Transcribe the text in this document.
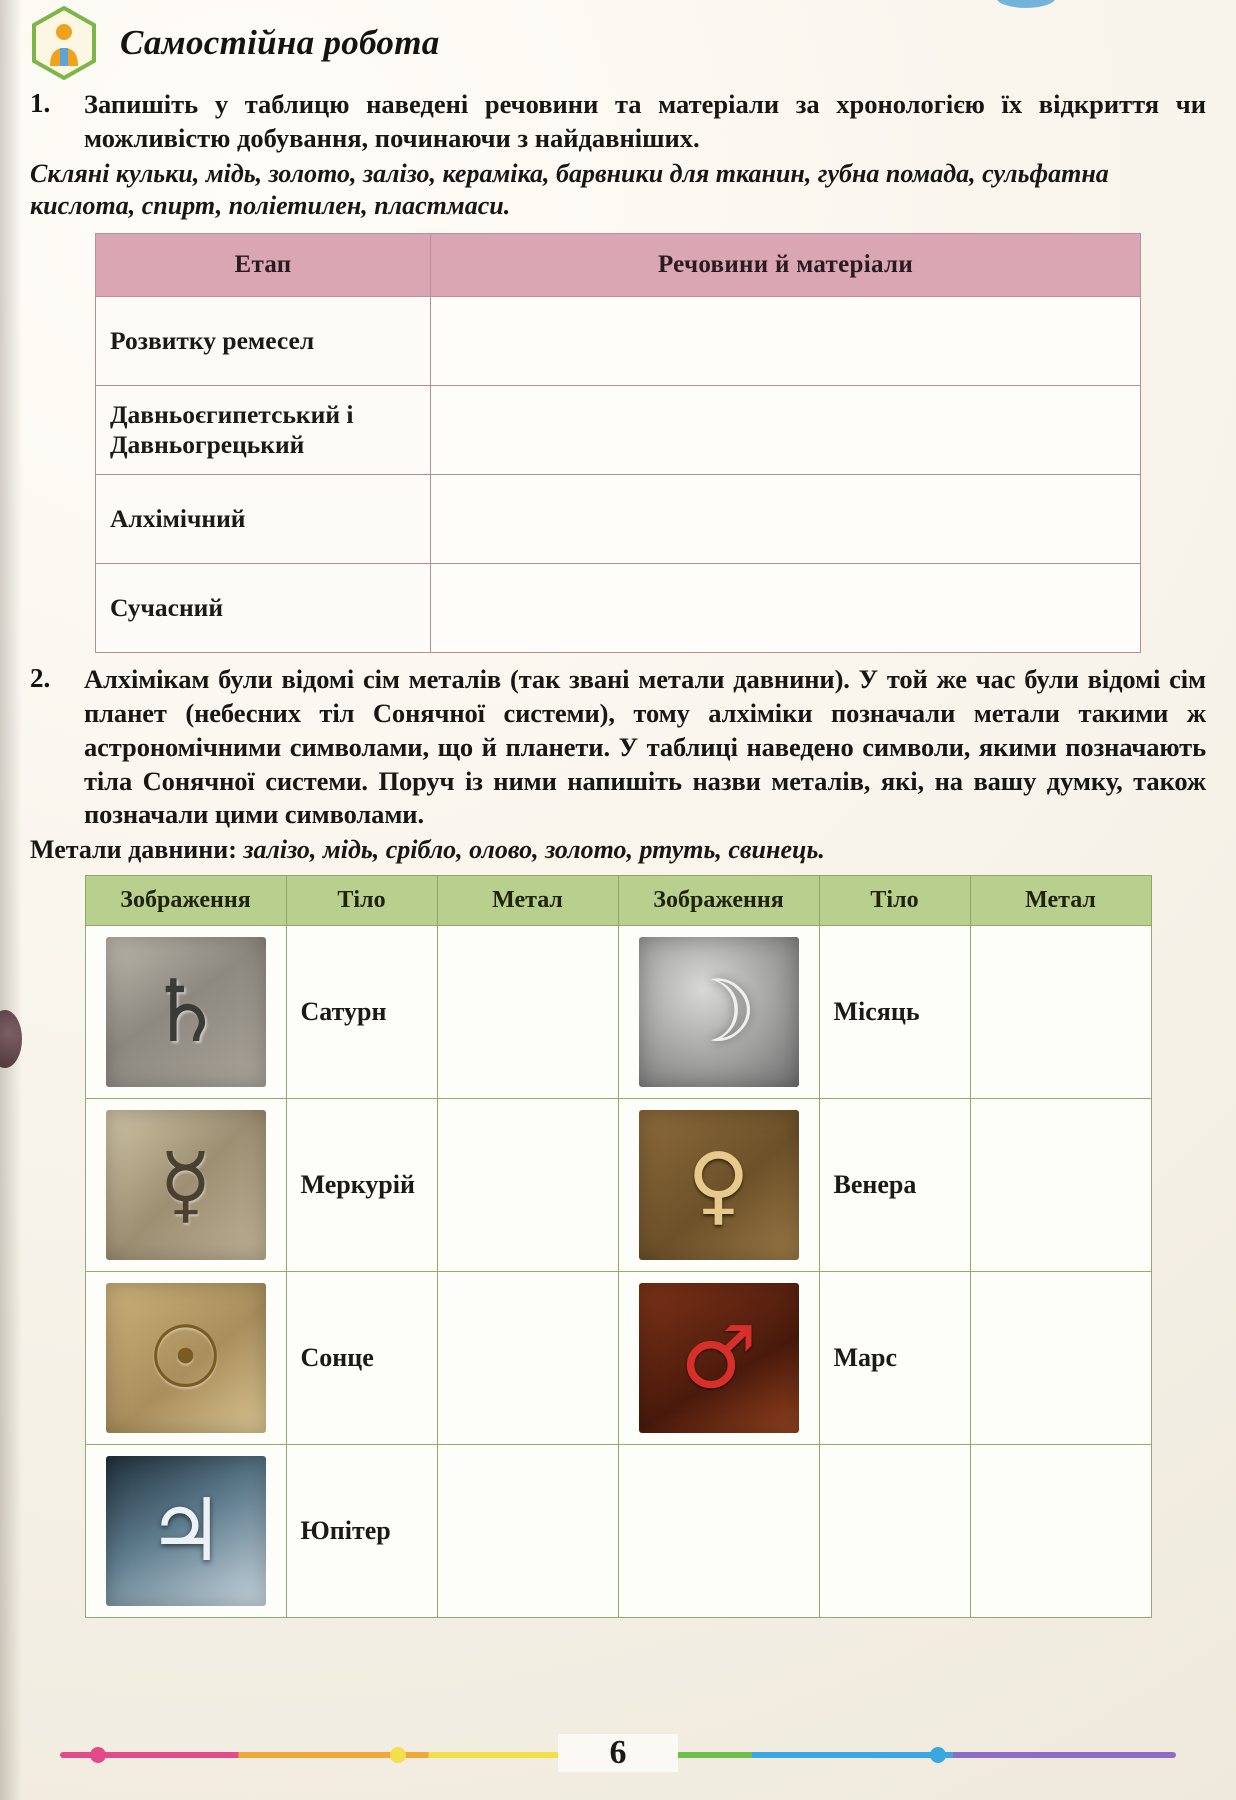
Самостійна робота
1.	Запишіть у таблицю наведені речовини та матеріали за хронологією їх відкриття чи можливістю добування, починаючи з найдавніших.
Скляні кульки, мідь, золото, залізо, кераміка, барвники для тканин, губна помада, сульфатна кислота, спирт, поліетилен, пластмаси.
Етап	Речовини й матеріали
Розвитку ремесел	
Давньоєгипетський і Давньогрецький	
Алхімічний	
Сучасний	
2.	Алхімікам були відомі сім металів (так звані метали давнини). У той же час були відомі сім планет (небесних тіл Сонячної системи), тому алхіміки позначали метали такими ж астрономічними символами, що й планети. У таблиці наведено символи, якими позначають тіла Сонячної системи. Поруч із ними напишіть назви металів, які, на вашу думку, також позначали цими символами.
Метали давнини: залізо, мідь, срібло, олово, золото, ртуть, свинець.
Зображення	Тіло	Метал	Зображення	Тіло	Метал

♄	Сатурн		☽	Місяць	

☿	Меркурій		♀	Венера	

☉	Сонце		♂	Марс	

♃	Юпітер				
6
